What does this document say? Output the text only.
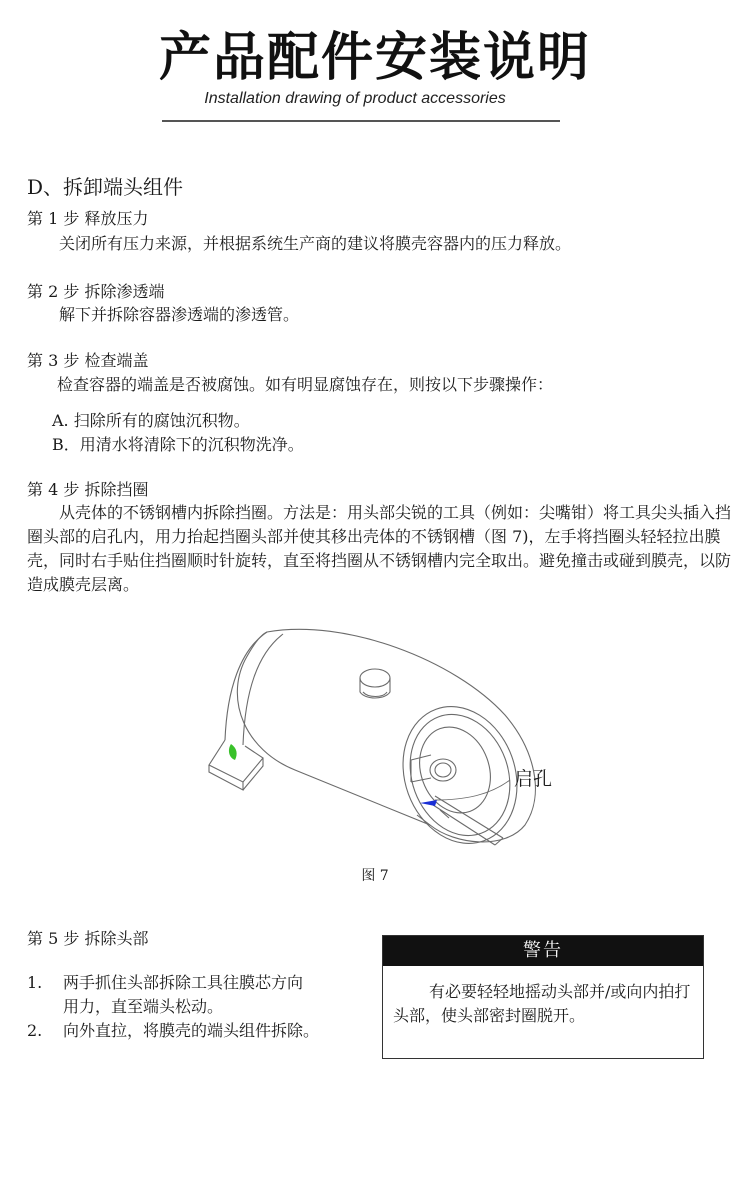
产品配件安装说明
Installation drawing of product accessories
D、拆卸端头组件
第 1 步 释放压力
关闭所有压力来源，并根据系统生产商的建议将膜壳容器内的压力释放。
第 2 步 拆除渗透端
解下并拆除容器渗透端的渗透管。
第 3 步 检查端盖
检查容器的端盖是否被腐蚀。如有明显腐蚀存在，则按以下步骤操作：
A. 扫除所有的腐蚀沉积物。
B．用清水将清除下的沉积物洗净。
第 4 步 拆除挡圈
从壳体的不锈钢槽内拆除挡圈。方法是：用头部尖锐的工具（例如：尖嘴钳）将工具尖头插入挡圈头部的启孔内，用力抬起挡圈头部并使其移出壳体的不锈钢槽（图 7)，左手将挡圈头轻轻拉出膜壳，同时右手贴住挡圈顺时针旋转，直至将挡圈从不锈钢槽内完全取出。避免撞击或碰到膜壳，以防造成膜壳层离。
启孔
图 7
第 5 步 拆除头部
1. 两手抓住头部拆除工具往膜芯方向
用力，直至端头松动。
2. 向外直拉，将膜壳的端头组件拆除。
警告
有必要轻轻地摇动头部并/或向内拍打头部，使头部密封圈脱开。
